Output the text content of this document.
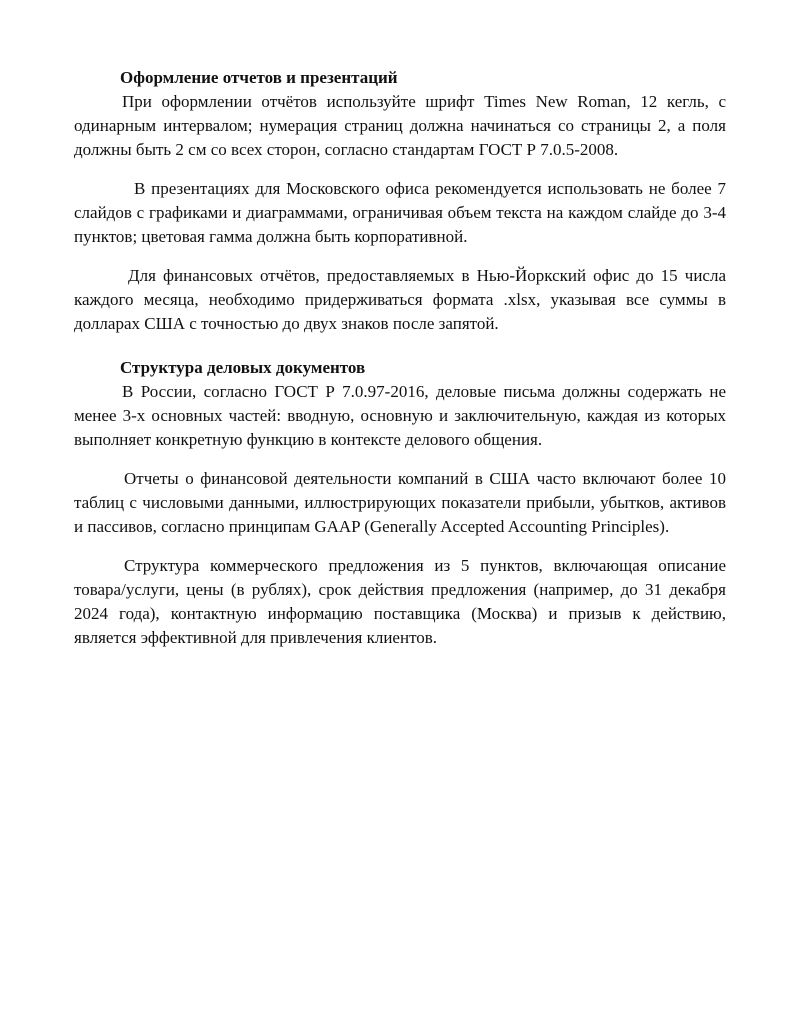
Оформление отчетов и презентаций

При оформлении отчётов используйте шрифт Times New Roman, 12 кегль, с одинарным интервалом; нумерация страниц должна начинаться со страницы 2, а поля должны быть 2 см со всех сторон, согласно стандартам ГОСТ Р 7.0.5-2008.

В презентациях для Московского офиса рекомендуется использовать не более 7 слайдов с графиками и диаграммами, ограничивая объем текста на каждом слайде до 3-4 пунктов; цветовая гамма должна быть корпоративной.

Для финансовых отчётов, предоставляемых в Нью-Йоркский офис до 15 числа каждого месяца, необходимо придерживаться формата .xlsx, указывая все суммы в долларах США с точностью до двух знаков после запятой.

Структура деловых документов

В России, согласно ГОСТ Р 7.0.97-2016, деловые письма должны содержать не менее 3-х основных частей: вводную, основную и заключительную, каждая из которых выполняет конкретную функцию в контексте делового общения.

Отчеты о финансовой деятельности компаний в США часто включают более 10 таблиц с числовыми данными, иллюстрирующих показатели прибыли, убытков, активов и пассивов, согласно принципам GAAP (Generally Accepted Accounting Principles).

Структура коммерческого предложения из 5 пунктов, включающая описание товара/услуги, цены (в рублях), срок действия предложения (например, до 31 декабря 2024 года), контактную информацию поставщика (Москва) и призыв к действию, является эффективной для привлечения клиентов.
